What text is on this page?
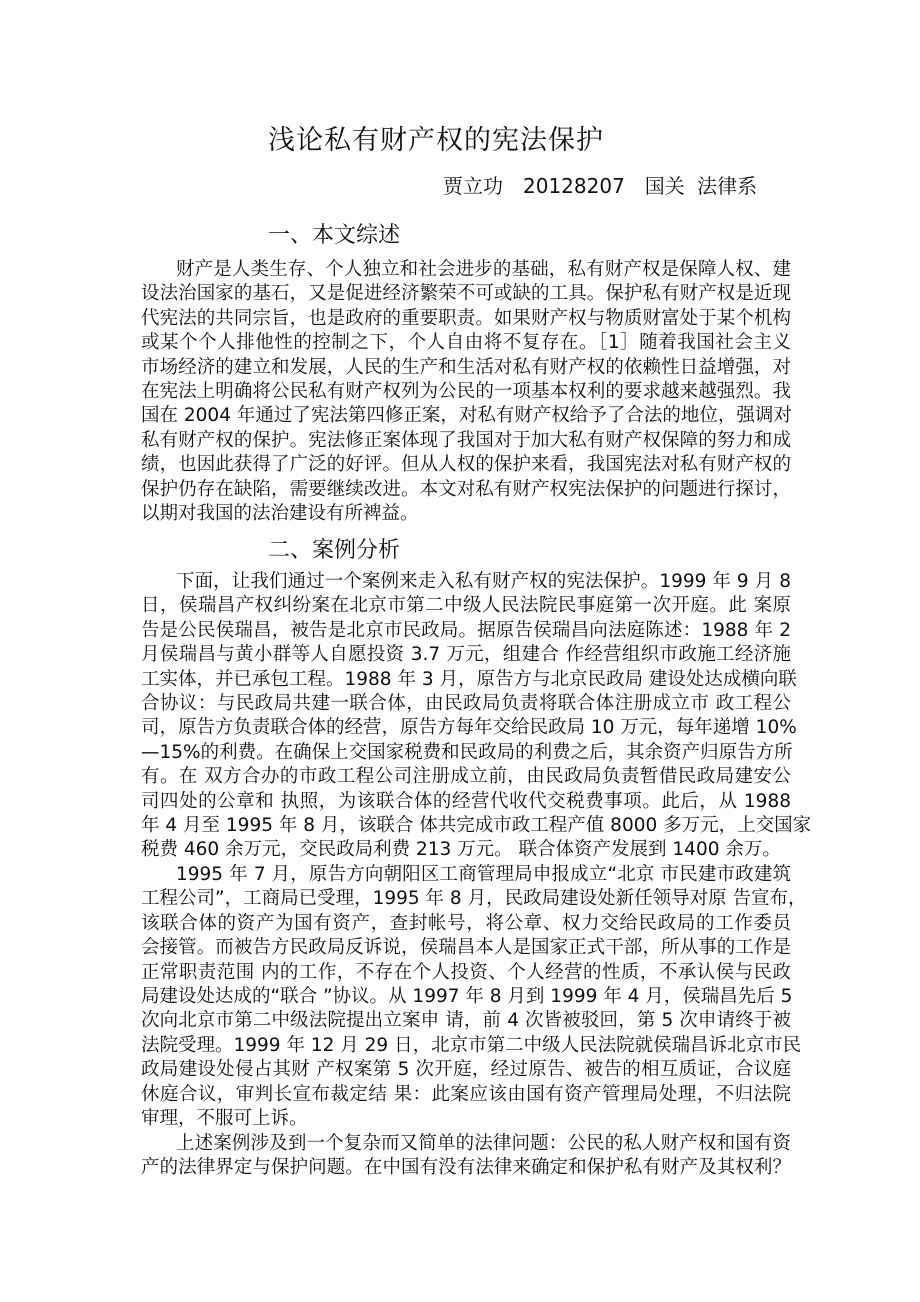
浅论私有财产权的宪法保护
贾立功　20128207　国关 法律系
一、本文综述
财产是人类生存、个人独立和社会进步的基础，私有财产权是保障人权、建
设法治国家的基石，又是促进经济繁荣不可或缺的工具。保护私有财产权是近现
代宪法的共同宗旨，也是政府的重要职责。如果财产权与物质财富处于某个机构
或某个个人排他性的控制之下，个人自由将不复存在。［1］随着我国社会主义
市场经济的建立和发展，人民的生产和生活对私有财产权的依赖性日益增强，对
在宪法上明确将公民私有财产权列为公民的一项基本权利的要求越来越强烈。我
国在 2004 年通过了宪法第四修正案，对私有财产权给予了合法的地位，强调对
私有财产权的保护。宪法修正案体现了我国对于加大私有财产权保障的努力和成
绩，也因此获得了广泛的好评。但从人权的保护来看，我国宪法对私有财产权的
保护仍存在缺陷，需要继续改进。本文对私有财产权宪法保护的问题进行探讨，
以期对我国的法治建设有所裨益。
二、案例分析
下面，让我们通过一个案例来走入私有财产权的宪法保护。1999 年 9 月 8
日，侯瑞昌产权纠纷案在北京市第二中级人民法院民事庭第一次开庭。此 案原
告是公民侯瑞昌，被告是北京市民政局。据原告侯瑞昌向法庭陈述：1988 年 2
月侯瑞昌与黄小群等人自愿投资 3.7 万元，组建合 作经营组织市政施工经济施
工实体，并已承包工程。1988 年 3 月，原告方与北京民政局 建设处达成横向联
合协议：与民政局共建一联合体，由民政局负责将联合体注册成立市 政工程公
司，原告方负责联合体的经营，原告方每年交给民政局 10 万元，每年递增 10%
—15%的利费。在确保上交国家税费和民政局的利费之后，其余资产归原告方所
有。在 双方合办的市政工程公司注册成立前，由民政局负责暂借民政局建安公
司四处的公章和 执照，为该联合体的经营代收代交税费事项。此后，从 1988
年 4 月至 1995 年 8 月，该联合 体共完成市政工程产值 8000 多万元，上交国家
税费 460 余万元，交民政局利费 213 万元。 联合体资产发展到 1400 余万。
1995 年 7 月，原告方向朝阳区工商管理局申报成立“北京 市民建市政建筑
工程公司”，工商局已受理，1995 年 8 月，民政局建设处新任领导对原 告宣布，
该联合体的资产为国有资产，查封帐号，将公章、权力交给民政局的工作委员
会接管。而被告方民政局反诉说，侯瑞昌本人是国家正式干部，所从事的工作是
正常职责范围 内的工作，不存在个人投资、个人经营的性质，不承认侯与民政
局建设处达成的“联合 ”协议。从 1997 年 8 月到 1999 年 4 月，侯瑞昌先后 5
次向北京市第二中级法院提出立案申 请，前 4 次皆被驳回，第 5 次申请终于被
法院受理。1999 年 12 月 29 日，北京市第二中级人民法院就侯瑞昌诉北京市民
政局建设处侵占其财 产权案第 5 次开庭，经过原告、被告的相互质证，合议庭
休庭合议，审判长宣布裁定结 果：此案应该由国有资产管理局处理，不归法院
审理，不服可上诉。
上述案例涉及到一个复杂而又简单的法律问题：公民的私人财产权和国有资
产的法律界定与保护问题。在中国有没有法律来确定和保护私有财产及其权利？
